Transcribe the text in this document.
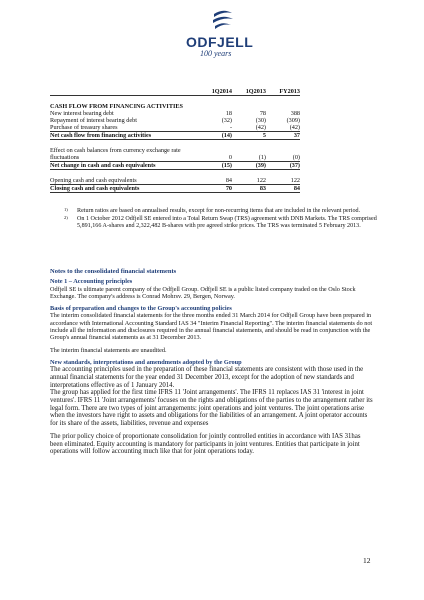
ODFJELL
100 years
	1Q2014	1Q2013	FY2013

CASH FLOW FROM FINANCING ACTIVITIES			
New interest bearing debt	18	78	388
Repayment of interest bearing debt	(32)	(30)	(309)
Purchase of treasury shares	-	(42)	(42)
Net cash flow from financing activities	(14)	5	37

Effect on cash balances from currency exchange rate fluctuations	0	(1)	(0)
Net change in cash and cash equivalents	(15)	(39)	(37)

Opening cash and cash equivalents	84	122	122
Closing cash and cash equivalents	70	83	84
1) Return ratios are based on annualised results, except for non-recurring items that are included in the relevant period.
2) On 1 October 2012 Odfjell SE entered into a Total Return Swap (TRS) agreement with DNB Markets. The TRS comprised 5,891,166 A-shares and 2,322,482 B-shares with pre agreed strike prices. The TRS was terminated 5 February 2013.
Notes to the consolidated financial statements
Note 1 – Accounting principles

Odfjell SE is ultimate parent company of the Odfjell Group. Odfjell SE is a public listed company traded on the Oslo Stock Exchange. The company's address is Conrad Mohrsv. 29, Bergen, Norway.

Basis of preparation and changes to the Group's accounting policies

The interim consolidated financial statements for the three months ended 31 March 2014 for Odfjell Group have been prepared in accordance with International Accounting Standard IAS 34 "Interim Financial Reporting". The interim financial statements do not include all the information and disclosures required in the annual financial statements, and should be read in conjunction with the Group's annual financial statements as at 31 December 2013.

The interim financial statements are unaudited.

New standards, interpretations and amendments adopted by the Group

The accounting principles used in the preparation of these financial statements are consistent with those used in the annual financial statements for the year ended 31 December 2013, except for the adoption of new standards and interpretations effective as of 1 January 2014.

The group has applied for the first time IFRS 11 'Joint arrangements'. The IFRS 11 replaces IAS 31 'interest in joint ventures'. IFRS 11 'Joint arrangements' focuses on the rights and obligations of the parties to the arrangement rather its legal form. There are two types of joint arrangements: joint operations and joint ventures. The joint operations arise when the investors have right to assets and obligations for the liabilities of an arrangement. A joint operator accounts for its share of the assets, liabilities, revenue and expenses

The prior policy choice of proportionate consolidation for jointly controlled entities in accordance with IAS 31has been eliminated. Equity accounting is mandatory for participants in joint ventures. Entities that participate in joint operations will follow accounting much like that for joint operations today.

12
